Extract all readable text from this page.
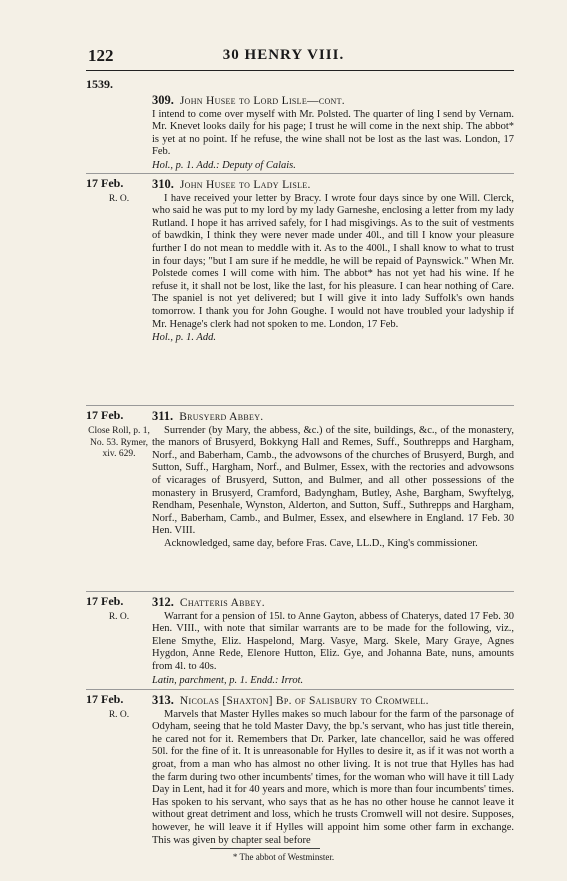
122	30 HENRY VIII.
1539.
309. John Husee to Lord Lisle—cont.

I intend to come over myself with Mr. Polsted. The quarter of ling I send by Vernam. Mr. Knevet looks daily for his page; I trust he will come in the next ship. The abbot* is yet at no point. If he refuse, the wine shall not be lost as the last was. London, 17 Feb.

Hol., p. 1. Add.: Deputy of Calais.
17 Feb.
R. O.
310. John Husee to Lady Lisle.

I have received your letter by Bracy. I wrote four days since by one Will. Clerck, who said he was put to my lord by my lady Garneshe, enclosing a letter from my lady Rutland. I hope it has arrived safely, for I had misgivings. As to the suit of vestments of bawdkin, I think they were never made under 40l., and till I know your pleasure further I do not mean to meddle with it. As to the 400l., I shall know to what to trust in four days; "but I am sure if he meddle, he will be repaid of Paynswick." When Mr. Polstede comes I will come with him. The abbot* has not yet had his wine. If he refuse it, it shall not be lost, like the last, for his pleasure. I can hear nothing of Care. The spaniel is not yet delivered; but I will give it into lady Suffolk's own hands tomorrow. I thank you for John Goughe. I would not have troubled your ladyship if Mr. Henage's clerk had not spoken to me. London, 17 Feb.

Hol., p. 1. Add.
17 Feb.
Close Roll, p. 1, No. 53. Rymer, xiv. 629.
311. Brusyerd Abbey.

Surrender (by Mary, the abbess, &c.) of the site, buildings, &c., of the monastery, the manors of Brusyerd, Bokkyng Hall and Remes, Suff., Southrepps and Hargham, Norf., and Baberham, Camb., the advowsons of the churches of Brusyerd, Burgh, and Sutton, Suff., Hargham, Norf., and Bulmer, Essex, with the rectories and advowsons of vicarages of Brusyerd, Sutton, and Bulmer, and all other possessions of the monastery in Brusyerd, Cramford, Badyngham, Butley, Ashe, Bargham, Swyftelyg, Rendham, Pesenhale, Wynston, Alderton, and Sutton, Suff., Suthrepps and Hargham, Norf., Baberham, Camb., and Bulmer, Essex, and elsewhere in England. 17 Feb. 30 Hen. VIII.

Acknowledged, same day, before Fras. Cave, LL.D., King's commissioner.

17 Feb.
R. O.
312. Chatteris Abbey.

Warrant for a pension of 15l. to Anne Gayton, abbess of Chaterys, dated 17 Feb. 30 Hen. VIII., with note that similar warrants are to be made for the following, viz., Elene Smythe, Eliz. Haspelond, Marg. Vasye, Marg. Skele, Mary Graye, Agnes Hygdon, Anne Rede, Elenore Hutton, Eliz. Gye, and Johanna Bate, nuns, amounts from 4l. to 40s.

Latin, parchment, p. 1. Endd.: Irrot.
17 Feb.
R. O.
313. Nicolas [Shaxton] Bp. of Salisbury to Cromwell.

Marvels that Master Hylles makes so much labour for the farm of the parsonage of Odyham, seeing that he told Master Davy, the bp.'s servant, who has just title therein, he cared not for it. Remembers that Dr. Parker, late chancellor, said he was offered 50l. for the fine of it. It is unreasonable for Hylles to desire it, as if it was not worth a groat, from a man who has almost no other living. It is not true that Hylles has had the farm during two other incumbents' times, for the woman who will have it till Lady Day in Lent, had it for 40 years and more, which is more than four incumbents' times. Has spoken to his servant, who says that as he has no other house he cannot leave it without great detriment and loss, which he trusts Cromwell will not desire. Supposes, however, he will leave it if Hylles will appoint him some other farm in exchange. This was given by chapter seal before

* The abbot of Westminster.
